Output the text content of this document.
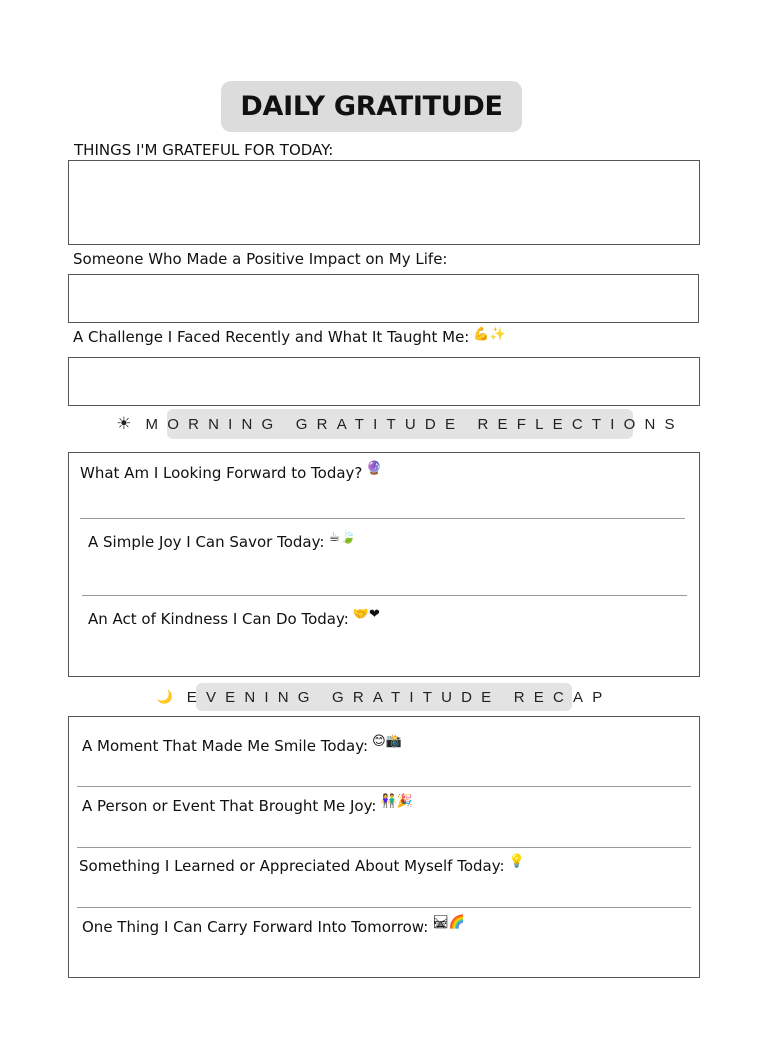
DAILY GRATITUDE
THINGS I'M GRATEFUL FOR TODAY:
Someone Who Made a Positive Impact on My Life:
A Challenge I Faced Recently and What It Taught Me: 💪✨
☀ MORNING GRATITUDE REFLECTIONS
What Am I Looking Forward to Today? 🔮
A Simple Joy I Can Savor Today: ☕🍃
An Act of Kindness I Can Do Today: 🤝❤
🌙 EVENING GRATITUDE RECAP
A Moment That Made Me Smile Today: 😊📸
A Person or Event That Brought Me Joy: 👫🎉
Something I Learned or Appreciated About Myself Today: 💡
One Thing I Can Carry Forward Into Tomorrow: 🛤🌈
